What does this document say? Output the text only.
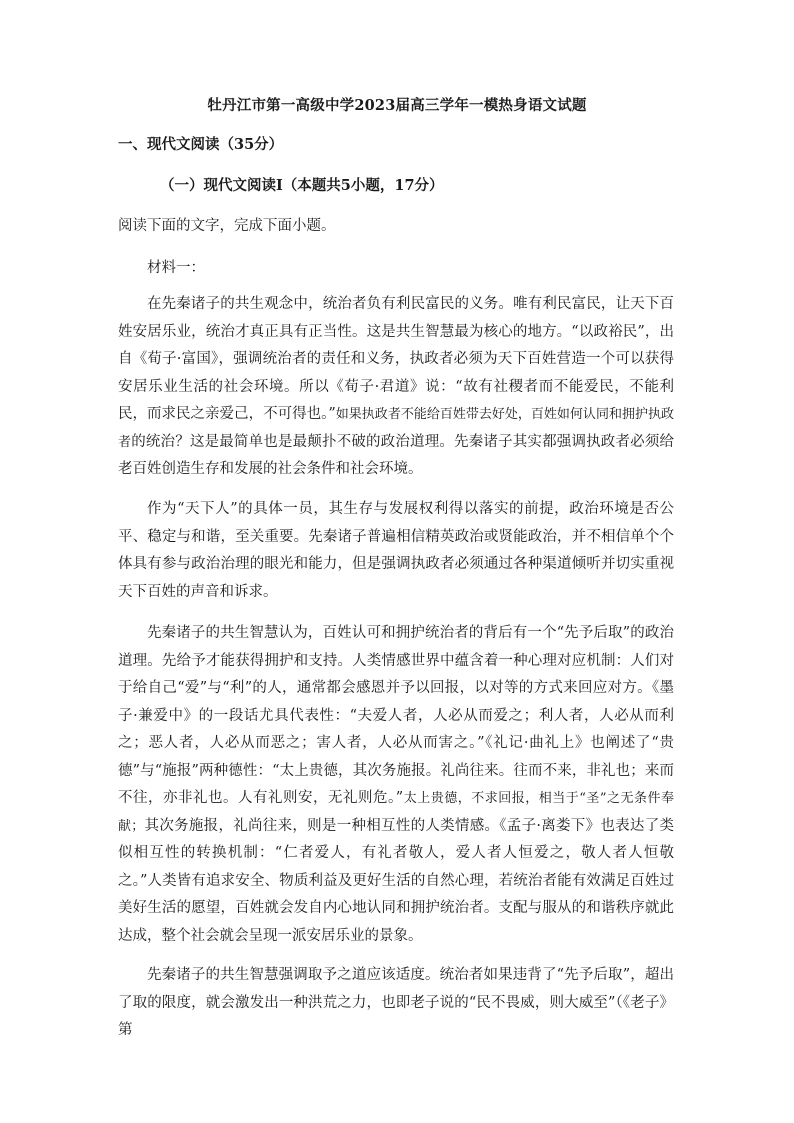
牡丹江市第一高级中学2023届高三学年一模热身语文试题
一、现代文阅读（35分）
（一）现代文阅读Ⅰ（本题共5小题，17分）
阅读下面的文字，完成下面小题。
材料一：

在先秦诸子的共生观念中，统治者负有利民富民的义务。唯有利民富民，让天下百姓安居乐业，统治才真正具有正当性。这是共生智慧最为核心的地方。“以政裕民”，出自《荀子·富国》，强调统治者的责任和义务，执政者必须为天下百姓营造一个可以获得安居乐业生活的社会环境。所以《荀子·君道》说：“故有社稷者而不能爱民，不能利民，而求民之亲爱己，不可得也。”如果执政者不能给百姓带去好处，百姓如何认同和拥护执政者的统治？这是最简单也是最颠扑不破的政治道理。先秦诸子其实都强调执政者必须给老百姓创造生存和发展的社会条件和社会环境。

作为“天下人”的具体一员，其生存与发展权利得以落实的前提，政治环境是否公平、稳定与和谐，至关重要。先秦诸子普遍相信精英政治或贤能政治，并不相信单个个体具有参与政治治理的眼光和能力，但是强调执政者必须通过各种渠道倾听并切实重视天下百姓的声音和诉求。

先秦诸子的共生智慧认为，百姓认可和拥护统治者的背后有一个“先予后取”的政治道理。先给予才能获得拥护和支持。人类情感世界中蕴含着一种心理对应机制：人们对于给自己“爱”与“利”的人，通常都会感恩并予以回报，以对等的方式来回应对方。《墨子·兼爱中》的一段话尤具代表性：“夫爱人者，人必从而爱之；利人者，人必从而利之；恶人者，人必从而恶之；害人者，人必从而害之。”《礼记·曲礼上》也阐述了“贵德”与“施报”两种德性：“太上贵德，其次务施报。礼尚往来。往而不来，非礼也；来而不往，亦非礼也。人有礼则安，无礼则危。”太上贵德，不求回报，相当于“圣”之无条件奉献；其次务施报，礼尚往来，则是一种相互性的人类情感。《孟子·离娄下》也表达了类似相互性的转换机制：“仁者爱人，有礼者敬人，爱人者人恒爱之，敬人者人恒敬之。”人类皆有追求安全、物质利益及更好生活的自然心理，若统治者能有效满足百姓过美好生活的愿望，百姓就会发自内心地认同和拥护统治者。支配与服从的和谐秩序就此达成，整个社会就会呈现一派安居乐业的景象。

先秦诸子的共生智慧强调取予之道应该适度。统治者如果违背了“先予后取”，超出了取的限度，就会激发出一种洪荒之力，也即老子说的“民不畏威，则大威至”（《老子》第
